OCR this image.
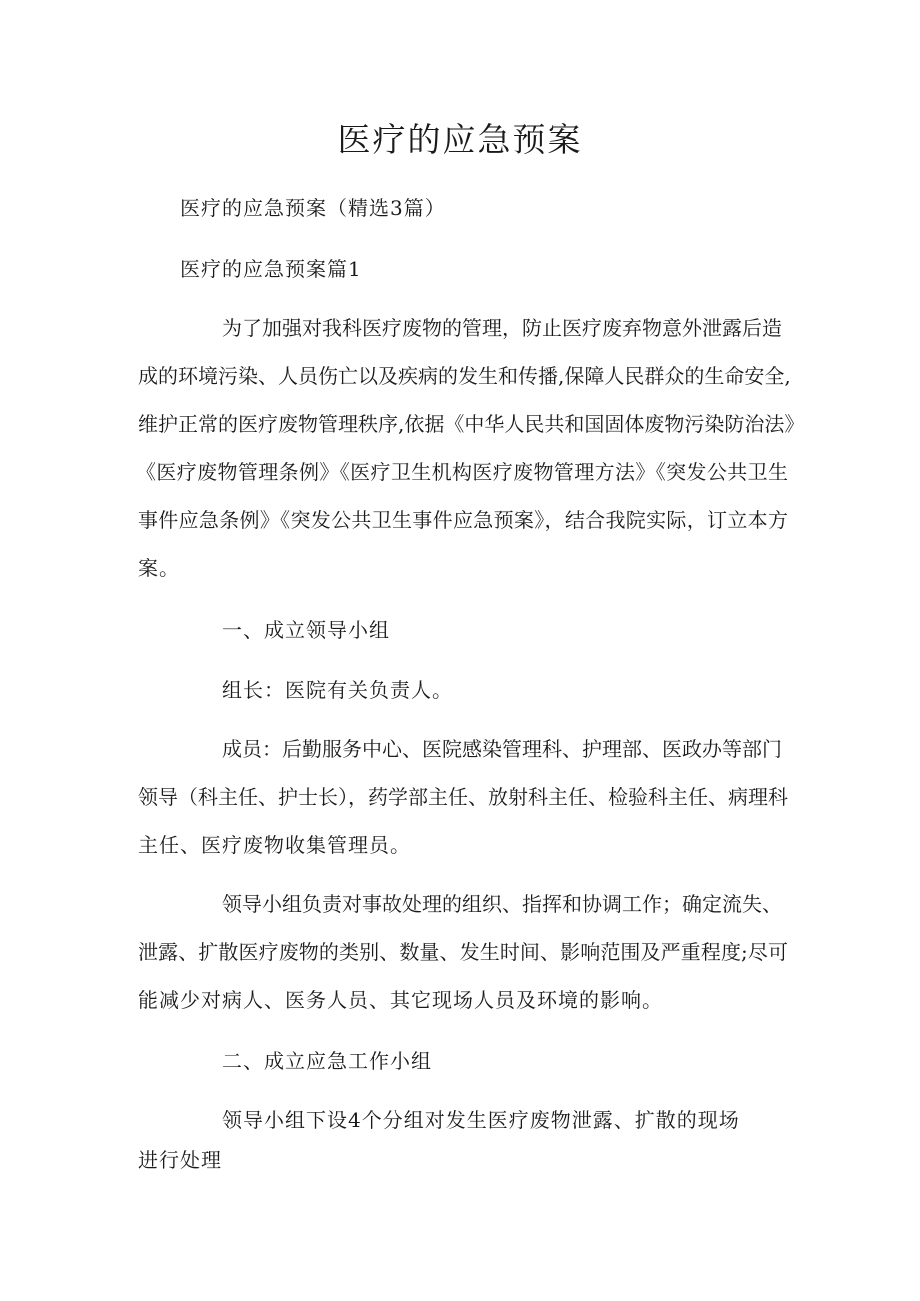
医疗的应急预案
医疗的应急预案（精选3篇）
医疗的应急预案篇1
为了加强对我科医疗废物的管理，防止医疗废弃物意外泄露后造
成的环境污染、人员伤亡以及疾病的发生和传播,保障人民群众的生命安全,
维护正常的医疗废物管理秩序,依据《中华人民共和国固体废物污染防治法》
《医疗废物管理条例》《医疗卫生机构医疗废物管理方法》《突发公共卫生
事件应急条例》《突发公共卫生事件应急预案》，结合我院实际，订立本方
案。
一、成立领导小组
组长：医院有关负责人。
成员：后勤服务中心、医院感染管理科、护理部、医政办等部门
领导（科主任、护士长），药学部主任、放射科主任、检验科主任、病理科
主任、医疗废物收集管理员。
领导小组负责对事故处理的组织、指挥和协调工作；确定流失、
泄露、扩散医疗废物的类别、数量、发生时间、影响范围及严重程度;尽可
能减少对病人、医务人员、其它现场人员及环境的影响。
二、成立应急工作小组
领导小组下设4个分组对发生医疗废物泄露、扩散的现场
进行处理
